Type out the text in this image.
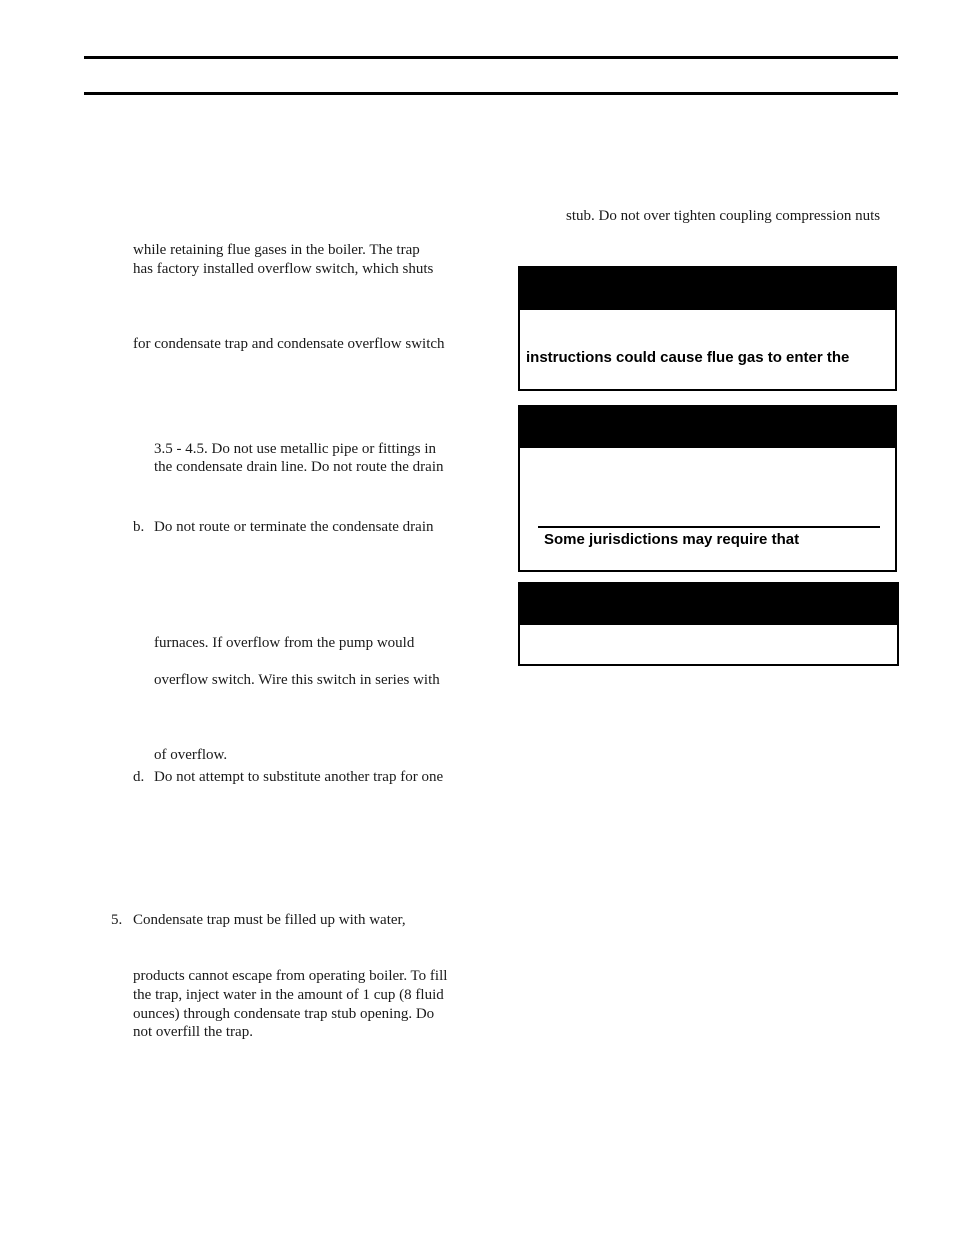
while retaining flue gases in the boiler. The trap
has factory installed overflow switch, which shuts
for condensate trap and condensate overflow switch
3.5 - 4.5. Do not use metallic pipe or fittings in
the condensate drain line. Do not route the drain
b. Do not route or terminate the condensate drain
furnaces. If overflow from the pump would
overflow switch. Wire this switch in series with
of overflow.
d. Do not attempt to substitute another trap for one
5. Condensate trap must be filled up with water,
products cannot escape from operating boiler. To fill
the trap, inject water in the amount of 1 cup (8 fluid
ounces) through condensate trap stub opening. Do
not overfill the trap.
stub. Do not over tighten coupling compression nuts
instructions could cause flue gas to enter the
Some jurisdictions may require that
